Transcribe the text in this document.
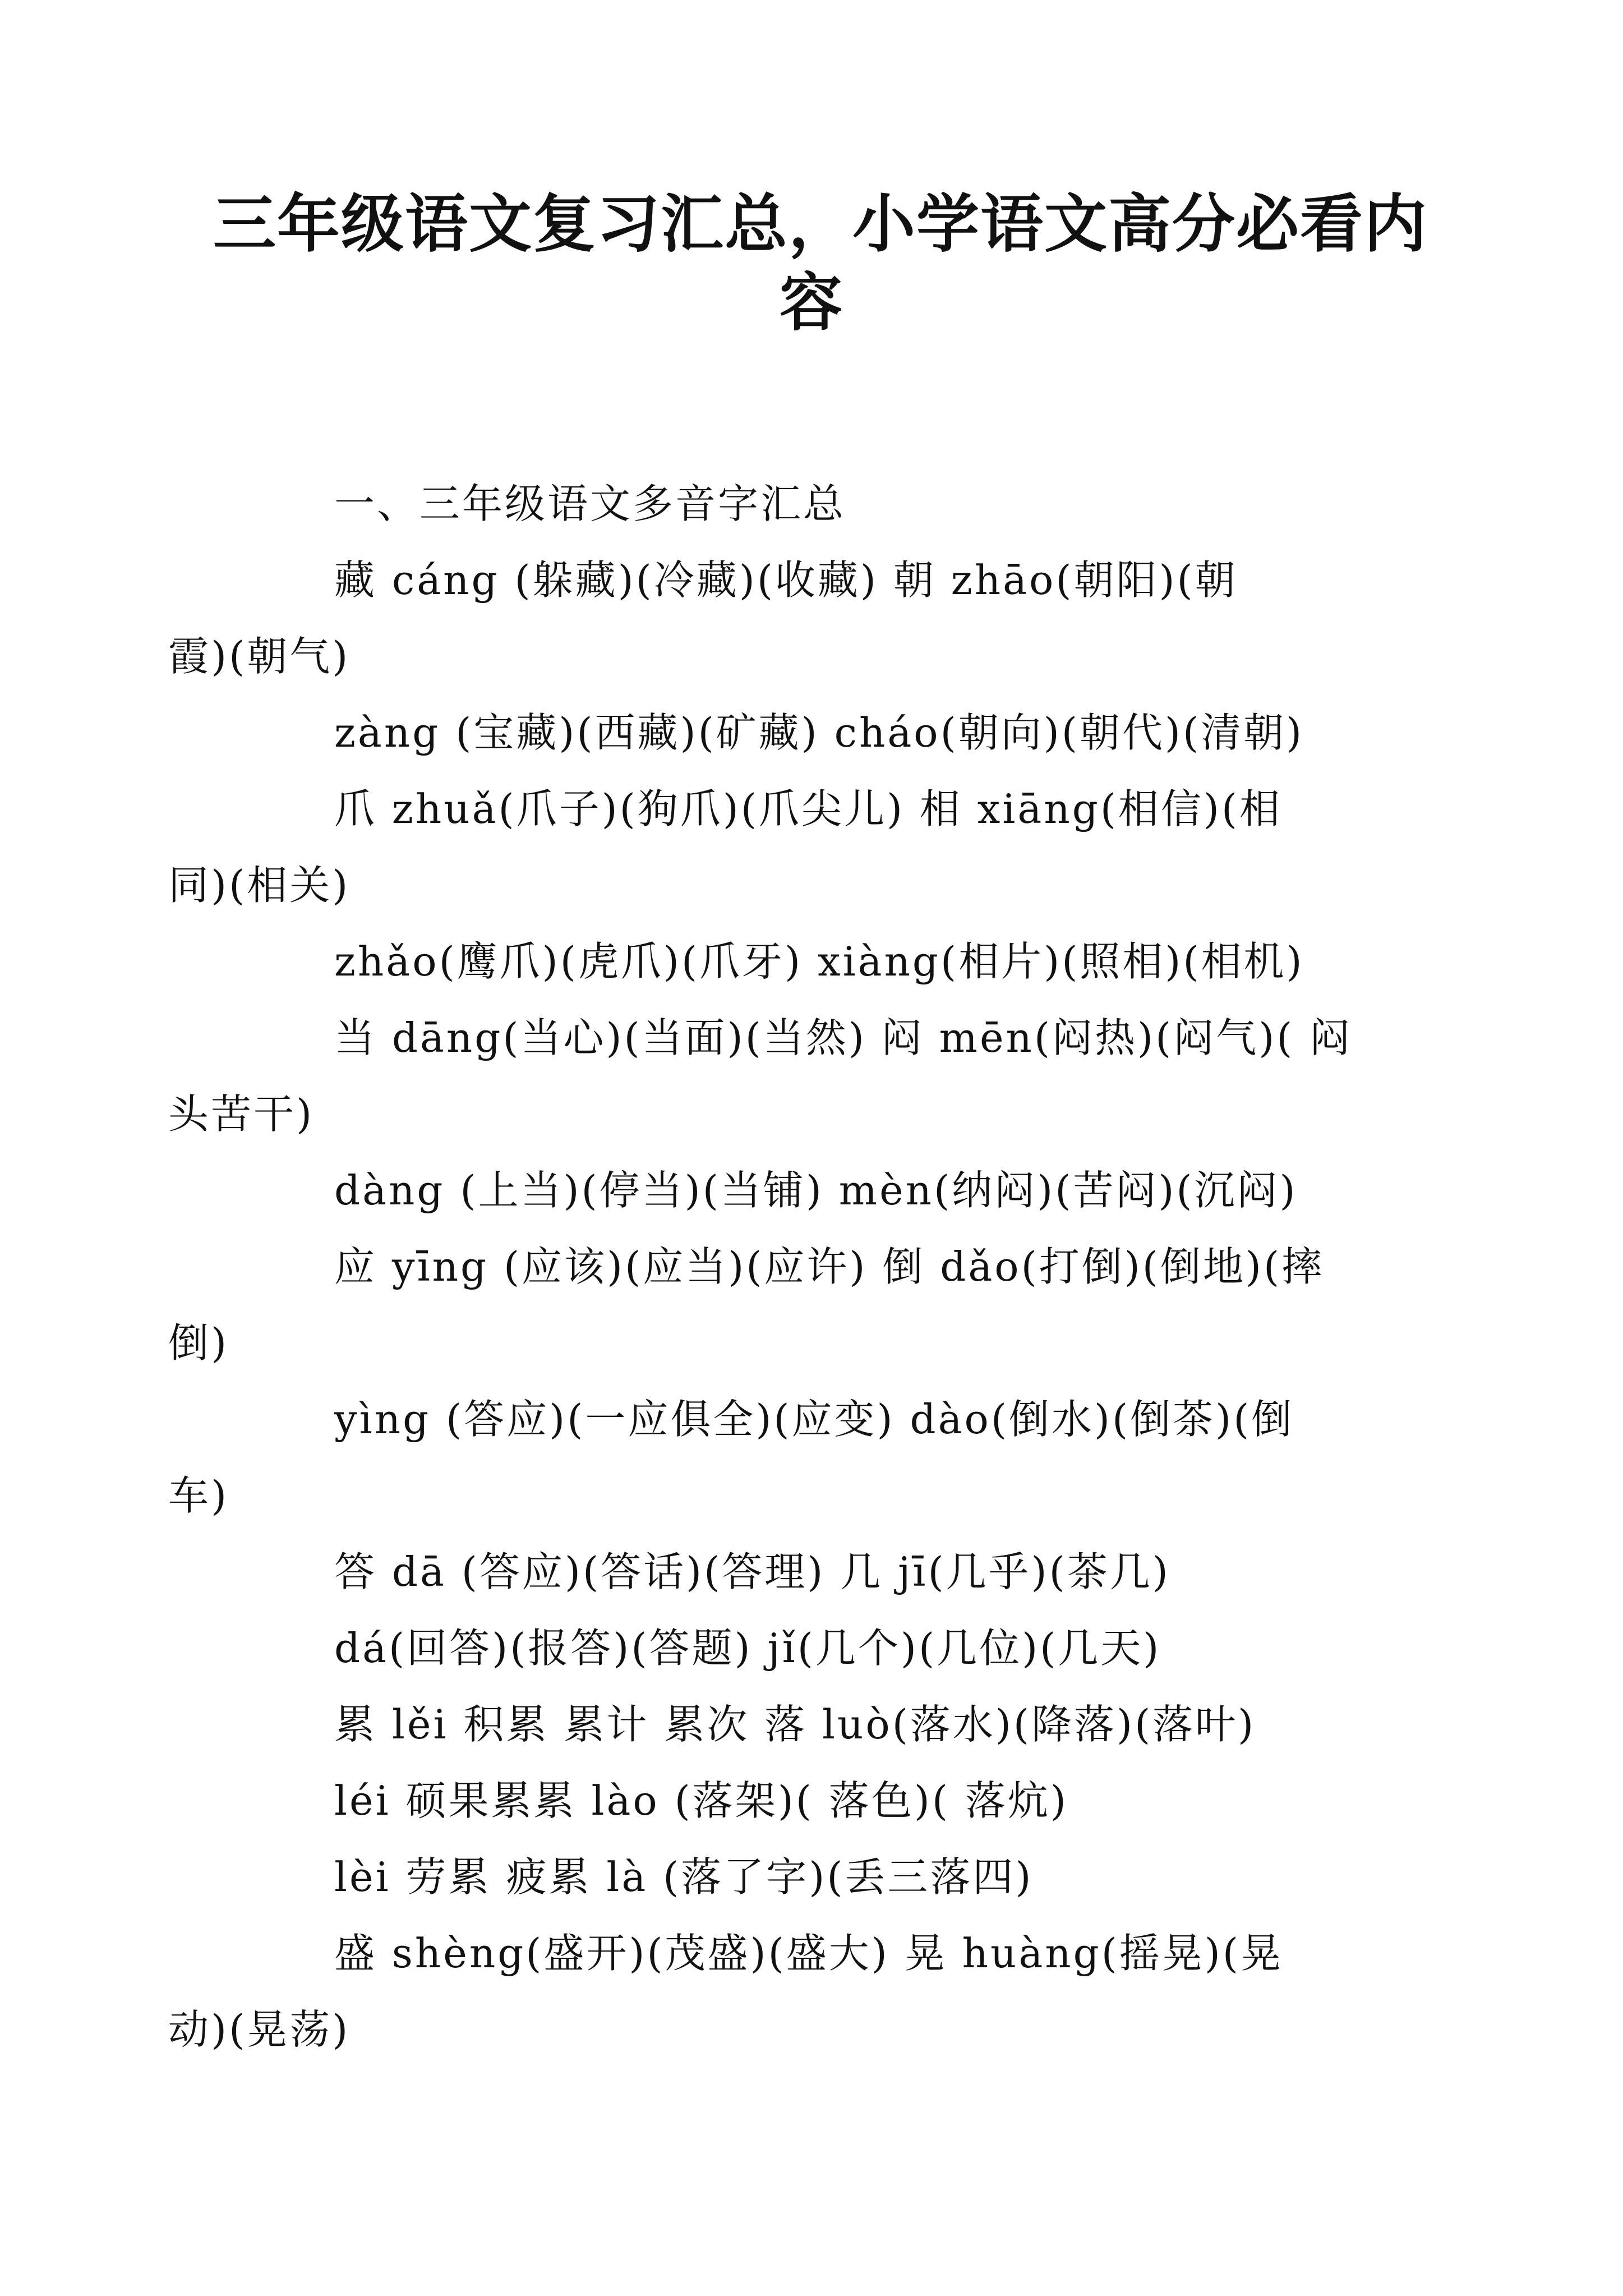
三年级语文复习汇总，小学语文高分必看内
容

一、三年级语文多音字汇总

藏 cáng (躲藏)(冷藏)(收藏) 朝 zhāo(朝阳)(朝
霞)(朝气)

zàng (宝藏)(西藏)(矿藏) cháo(朝向)(朝代)(清朝)

爪 zhuǎ(爪子)(狗爪)(爪尖儿) 相 xiāng(相信)(相
同)(相关)

zhǎo(鹰爪)(虎爪)(爪牙) xiàng(相片)(照相)(相机)

当 dāng(当心)(当面)(当然) 闷 mēn(闷热)(闷气)( 闷
头苦干)

dàng (上当)(停当)(当铺) mèn(纳闷)(苦闷)(沉闷)

应 yīng (应该)(应当)(应许) 倒 dǎo(打倒)(倒地)(摔
倒)

yìng (答应)(一应俱全)(应变) dào(倒水)(倒茶)(倒
车)

答 dā (答应)(答话)(答理) 几 jī(几乎)(茶几)

dá(回答)(报答)(答题) jǐ(几个)(几位)(几天)

累 lěi 积累 累计 累次 落 luò(落水)(降落)(落叶)

léi 硕果累累 lào (落架)( 落色)( 落炕)

lèi 劳累 疲累 là (落了字)(丢三落四)

盛 shèng(盛开)(茂盛)(盛大) 晃 huàng(摇晃)(晃
动)(晃荡)
